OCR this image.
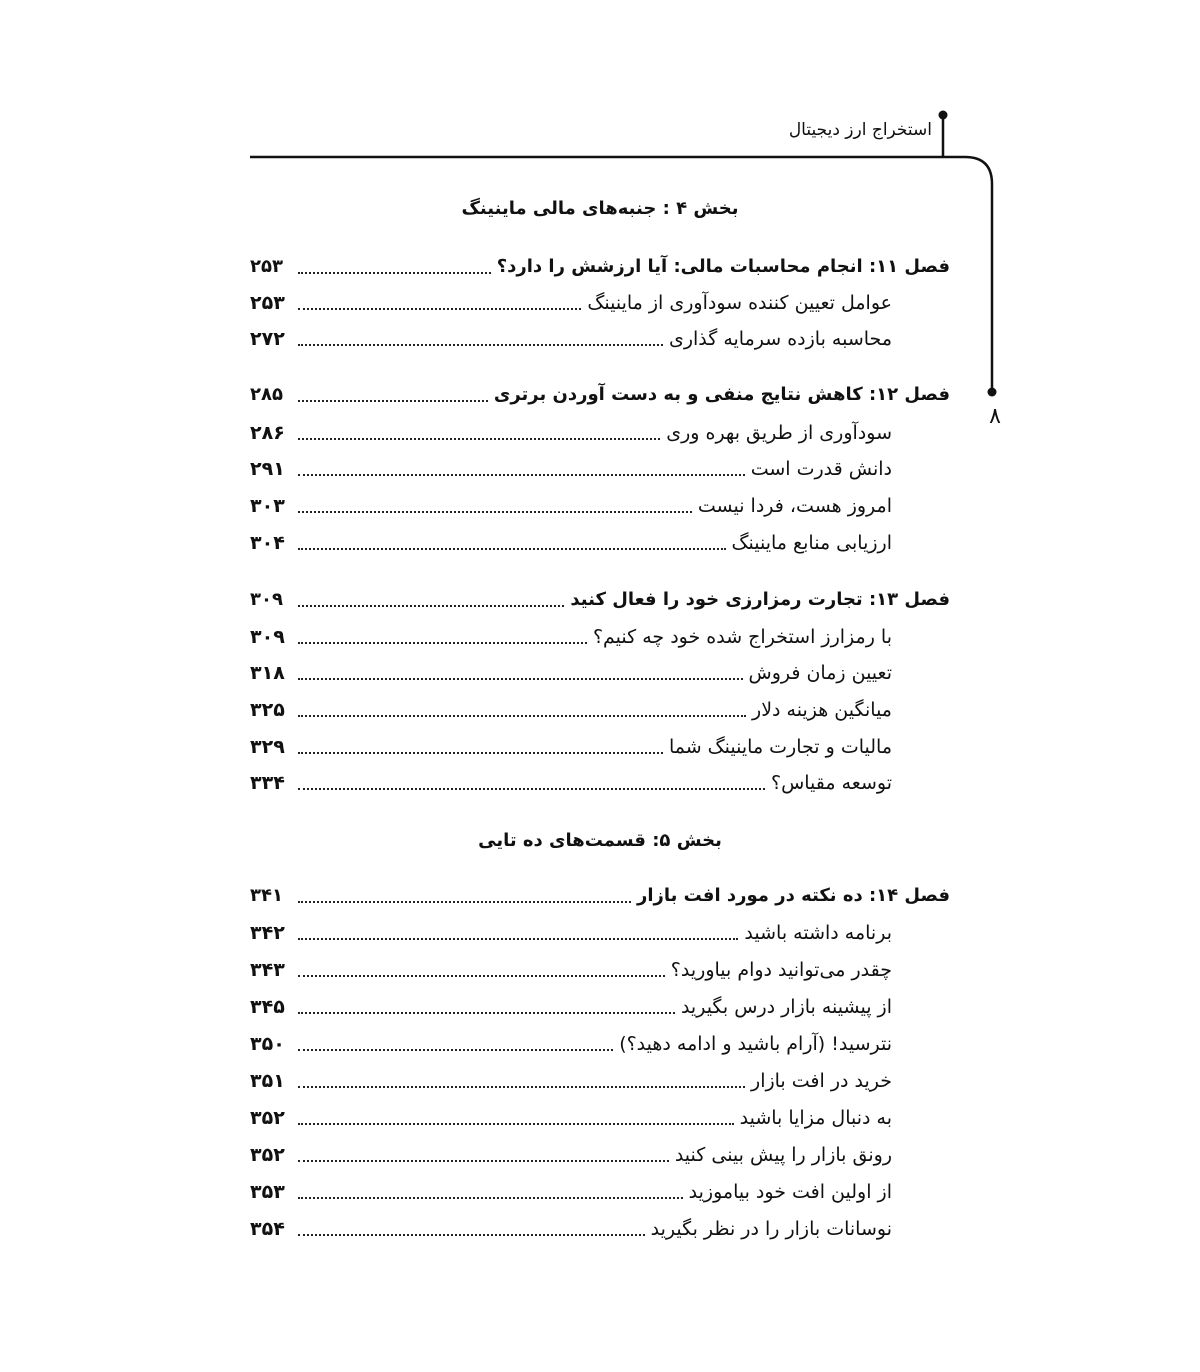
استخراج ارز دیجیتال
۸
بخش ۴ : جنبه‌های مالی ماینینگ
فصل ۱۱: انجام محاسبات مالی: آیا ارزشش را دارد؟
۲۵۳
عوامل تعیین کننده سودآوری از ماینینگ
۲۵۳
محاسبه بازده سرمایه گذاری
۲۷۲
فصل ۱۲: کاهش نتایج منفی و به دست آوردن برتری
۲۸۵
سودآوری از طریق بهره وری
۲۸۶
دانش قدرت است
۲۹۱
امروز هست، فردا نیست
۳۰۳
ارزیابی منابع ماینینگ
۳۰۴
فصل ۱۳: تجارت رمزارزی خود را فعال کنید
۳۰۹
با رمزارز استخراج شده خود چه کنیم؟
۳۰۹
تعیین زمان فروش
۳۱۸
میانگین هزینه دلار
۳۲۵
مالیات و تجارت ماینینگ شما
۳۲۹
توسعه مقیاس؟
۳۳۴
بخش ۵: قسمت‌های ده تایی
فصل ۱۴: ده نکته در مورد افت بازار
۳۴۱
برنامه داشته باشید
۳۴۲
چقدر می‌توانید دوام بیاورید؟
۳۴۳
از پیشینه بازار درس بگیرید
۳۴۵
نترسید! (آرام باشید و ادامه دهید؟)
۳۵۰
خرید در افت بازار
۳۵۱
به دنبال مزایا باشید
۳۵۲
رونق بازار را پیش بینی کنید
۳۵۲
از اولین افت خود بیاموزید
۳۵۳
نوسانات بازار را در نظر بگیرید
۳۵۴
